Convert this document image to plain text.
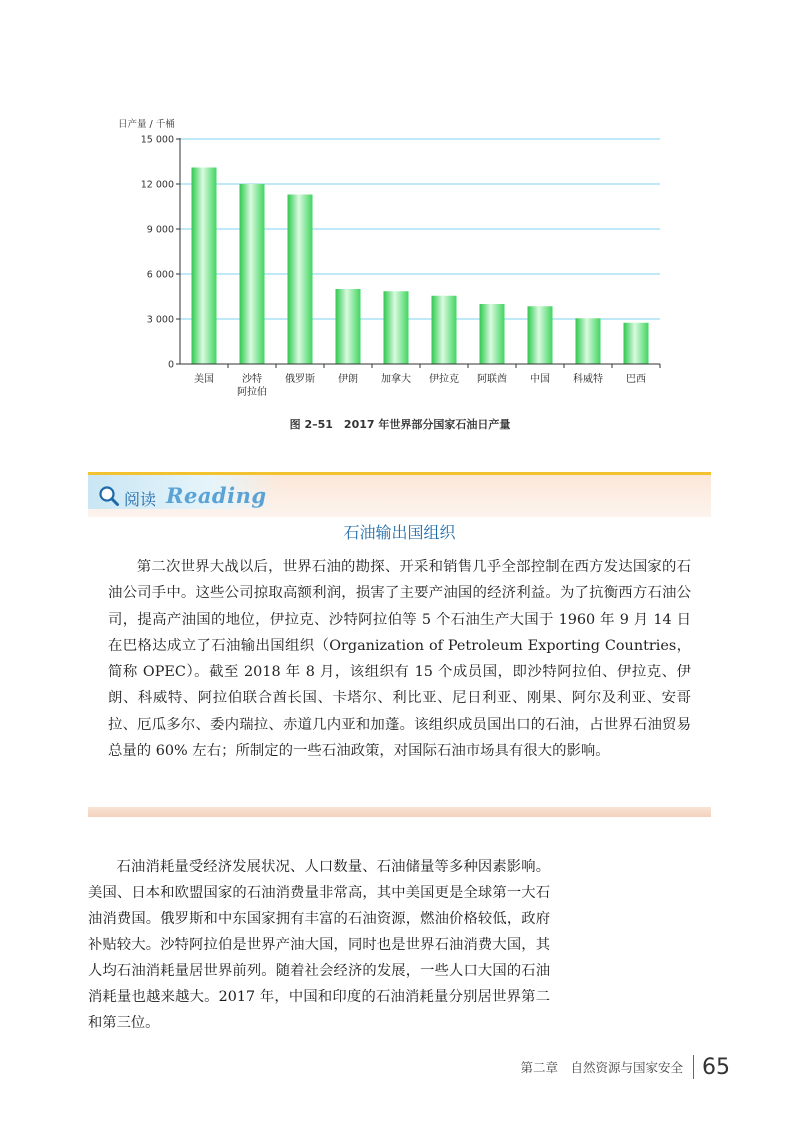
日产量 / 千桶
0
3 000
6 000
9 000
12 000
15 000
美国	沙特
阿拉伯
俄罗斯 伊朗 加拿大 伊拉克 阿联酋 中国 科威特 巴西
图 2–51　2017 年世界部分国家石油日产量
阅读 Reading
石油输出国组织

第二次世界大战以后，世界石油的勘探、开采和销售几乎全部控制在西方发达国家的石油公司手中。这些公司掠取高额利润，损害了主要产油国的经济利益。为了抗衡西方石油公司，提高产油国的地位，伊拉克、沙特阿拉伯等 5 个石油生产大国于 1960 年 9 月 14 日在巴格达成立了石油输出国组织（Organization of Petroleum Exporting Countries，简称 OPEC）。截至 2018 年 8 月，该组织有 15 个成员国，即沙特阿拉伯、伊拉克、伊朗、科威特、阿拉伯联合酋长国、卡塔尔、利比亚、尼日利亚、刚果、阿尔及利亚、安哥拉、厄瓜多尔、委内瑞拉、赤道几内亚和加蓬。该组织成员国出口的石油，占世界石油贸易总量的 60% 左右；所制定的一些石油政策，对国际石油市场具有很大的影响。

石油消耗量受经济发展状况、人口数量、石油储量等多种因素影响。美国、日本和欧盟国家的石油消费量非常高，其中美国更是全球第一大石油消费国。俄罗斯和中东国家拥有丰富的石油资源，燃油价格较低，政府补贴较大。沙特阿拉伯是世界产油大国，同时也是世界石油消费大国，其人均石油消耗量居世界前列。随着社会经济的发展，一些人口大国的石油消耗量也越来越大。2017 年，中国和印度的石油消耗量分别居世界第二和第三位。

第二章　自然资源与国家安全 65
